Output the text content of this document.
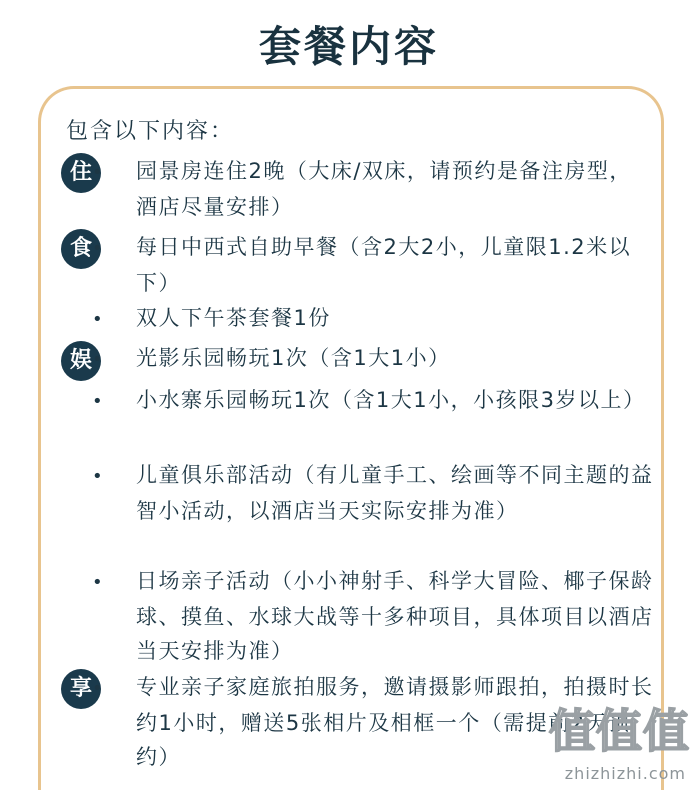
套餐内容
包含以下内容：
住 • 园景房连住2晚（大床/双床，请预约是备注房型，酒店尽量安排）
食 • 每日中西式自助早餐（含2大2小，儿童限1.2米以下）
• 双人下午茶套餐1份
娱 • 光影乐园畅玩1次（含1大1小）
• 小水寨乐园畅玩1次（含1大1小，小孩限3岁以上）
• 儿童俱乐部活动（有儿童手工、绘画等不同主题的益智小活动，以酒店当天实际安排为准）
• 日场亲子活动（小小神射手、科学大冒险、椰子保龄球、摸鱼、水球大战等十多种项目，具体项目以酒店当天安排为准）
享 • 专业亲子家庭旅拍服务，邀请摄影师跟拍，拍摄时长约1小时，赠送5张相片及相框一个（需提前2天预约）	值值值
zhizhizhi.com
